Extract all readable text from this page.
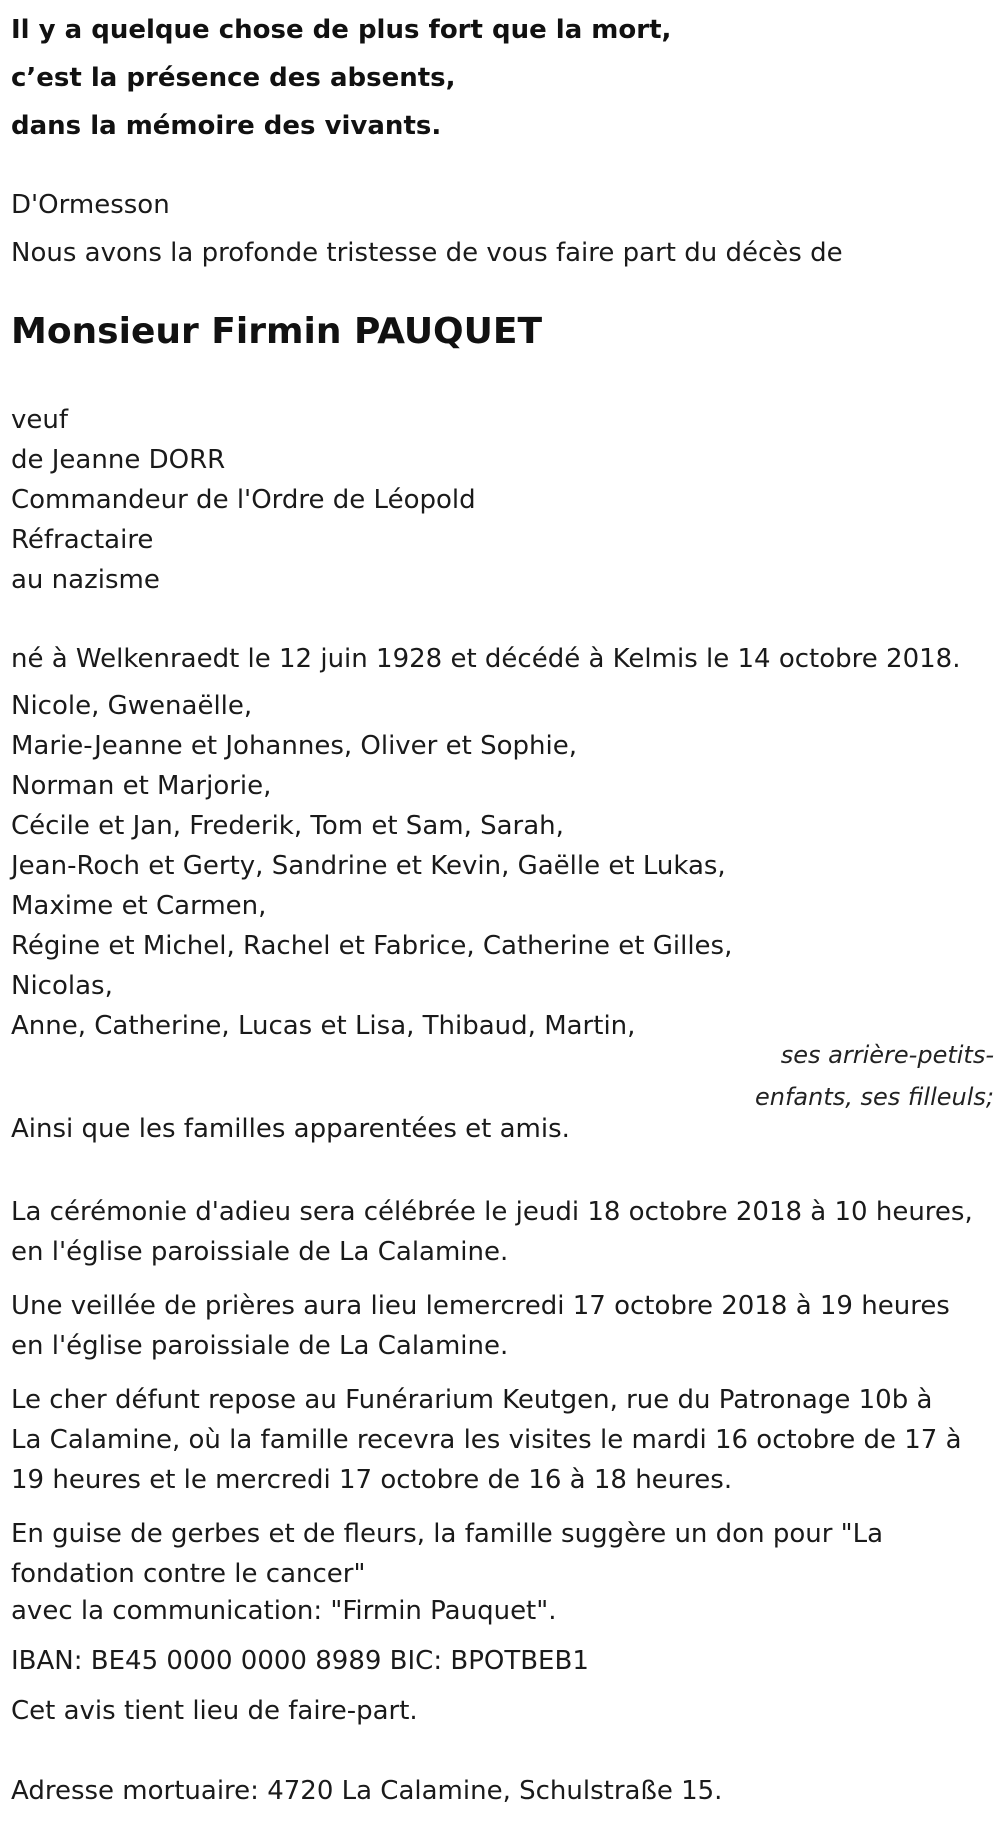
Il y a quelque chose de plus fort que la mort,
c’est la présence des absents,
dans la mémoire des vivants.
D'Ormesson
Nous avons la profonde tristesse de vous faire part du décès de
Monsieur Firmin PAUQUET
veuf
de Jeanne DORR
Commandeur de l'Ordre de Léopold
Réfractaire
au nazisme
né à Welkenraedt le 12 juin 1928 et décédé à Kelmis le 14 octobre 2018.
Nicole, Gwenaëlle,
Marie-Jeanne et Johannes, Oliver et Sophie,
Norman et Marjorie,
Cécile et Jan, Frederik, Tom et Sam, Sarah,
Jean-Roch et Gerty, Sandrine et Kevin, Gaëlle et Lukas,
Maxime et Carmen,
Régine et Michel, Rachel et Fabrice, Catherine et Gilles,
Nicolas,
Anne, Catherine, Lucas et Lisa, Thibaud, Martin,
ses arrière-petits-
enfants, ses filleuls;
Ainsi que les familles apparentées et amis.
La cérémonie d'adieu sera célébrée le jeudi 18 octobre 2018 à 10 heures,
en l'église paroissiale de La Calamine.
Une veillée de prières aura lieu lemercredi 17 octobre 2018 à 19 heures
en l'église paroissiale de La Calamine.
Le cher défunt repose au Funérarium Keutgen, rue du Patronage 10b à
La Calamine, où la famille recevra les visites le mardi 16 octobre de 17 à
19 heures et le mercredi 17 octobre de 16 à 18 heures.
En guise de gerbes et de fleurs, la famille suggère un don pour "La
fondation contre le cancer"
avec la communication: "Firmin Pauquet".
IBAN: BE45 0000 0000 8989 BIC: BPOTBEB1
Cet avis tient lieu de faire-part.
Adresse mortuaire: 4720 La Calamine, Schulstraße 15.
